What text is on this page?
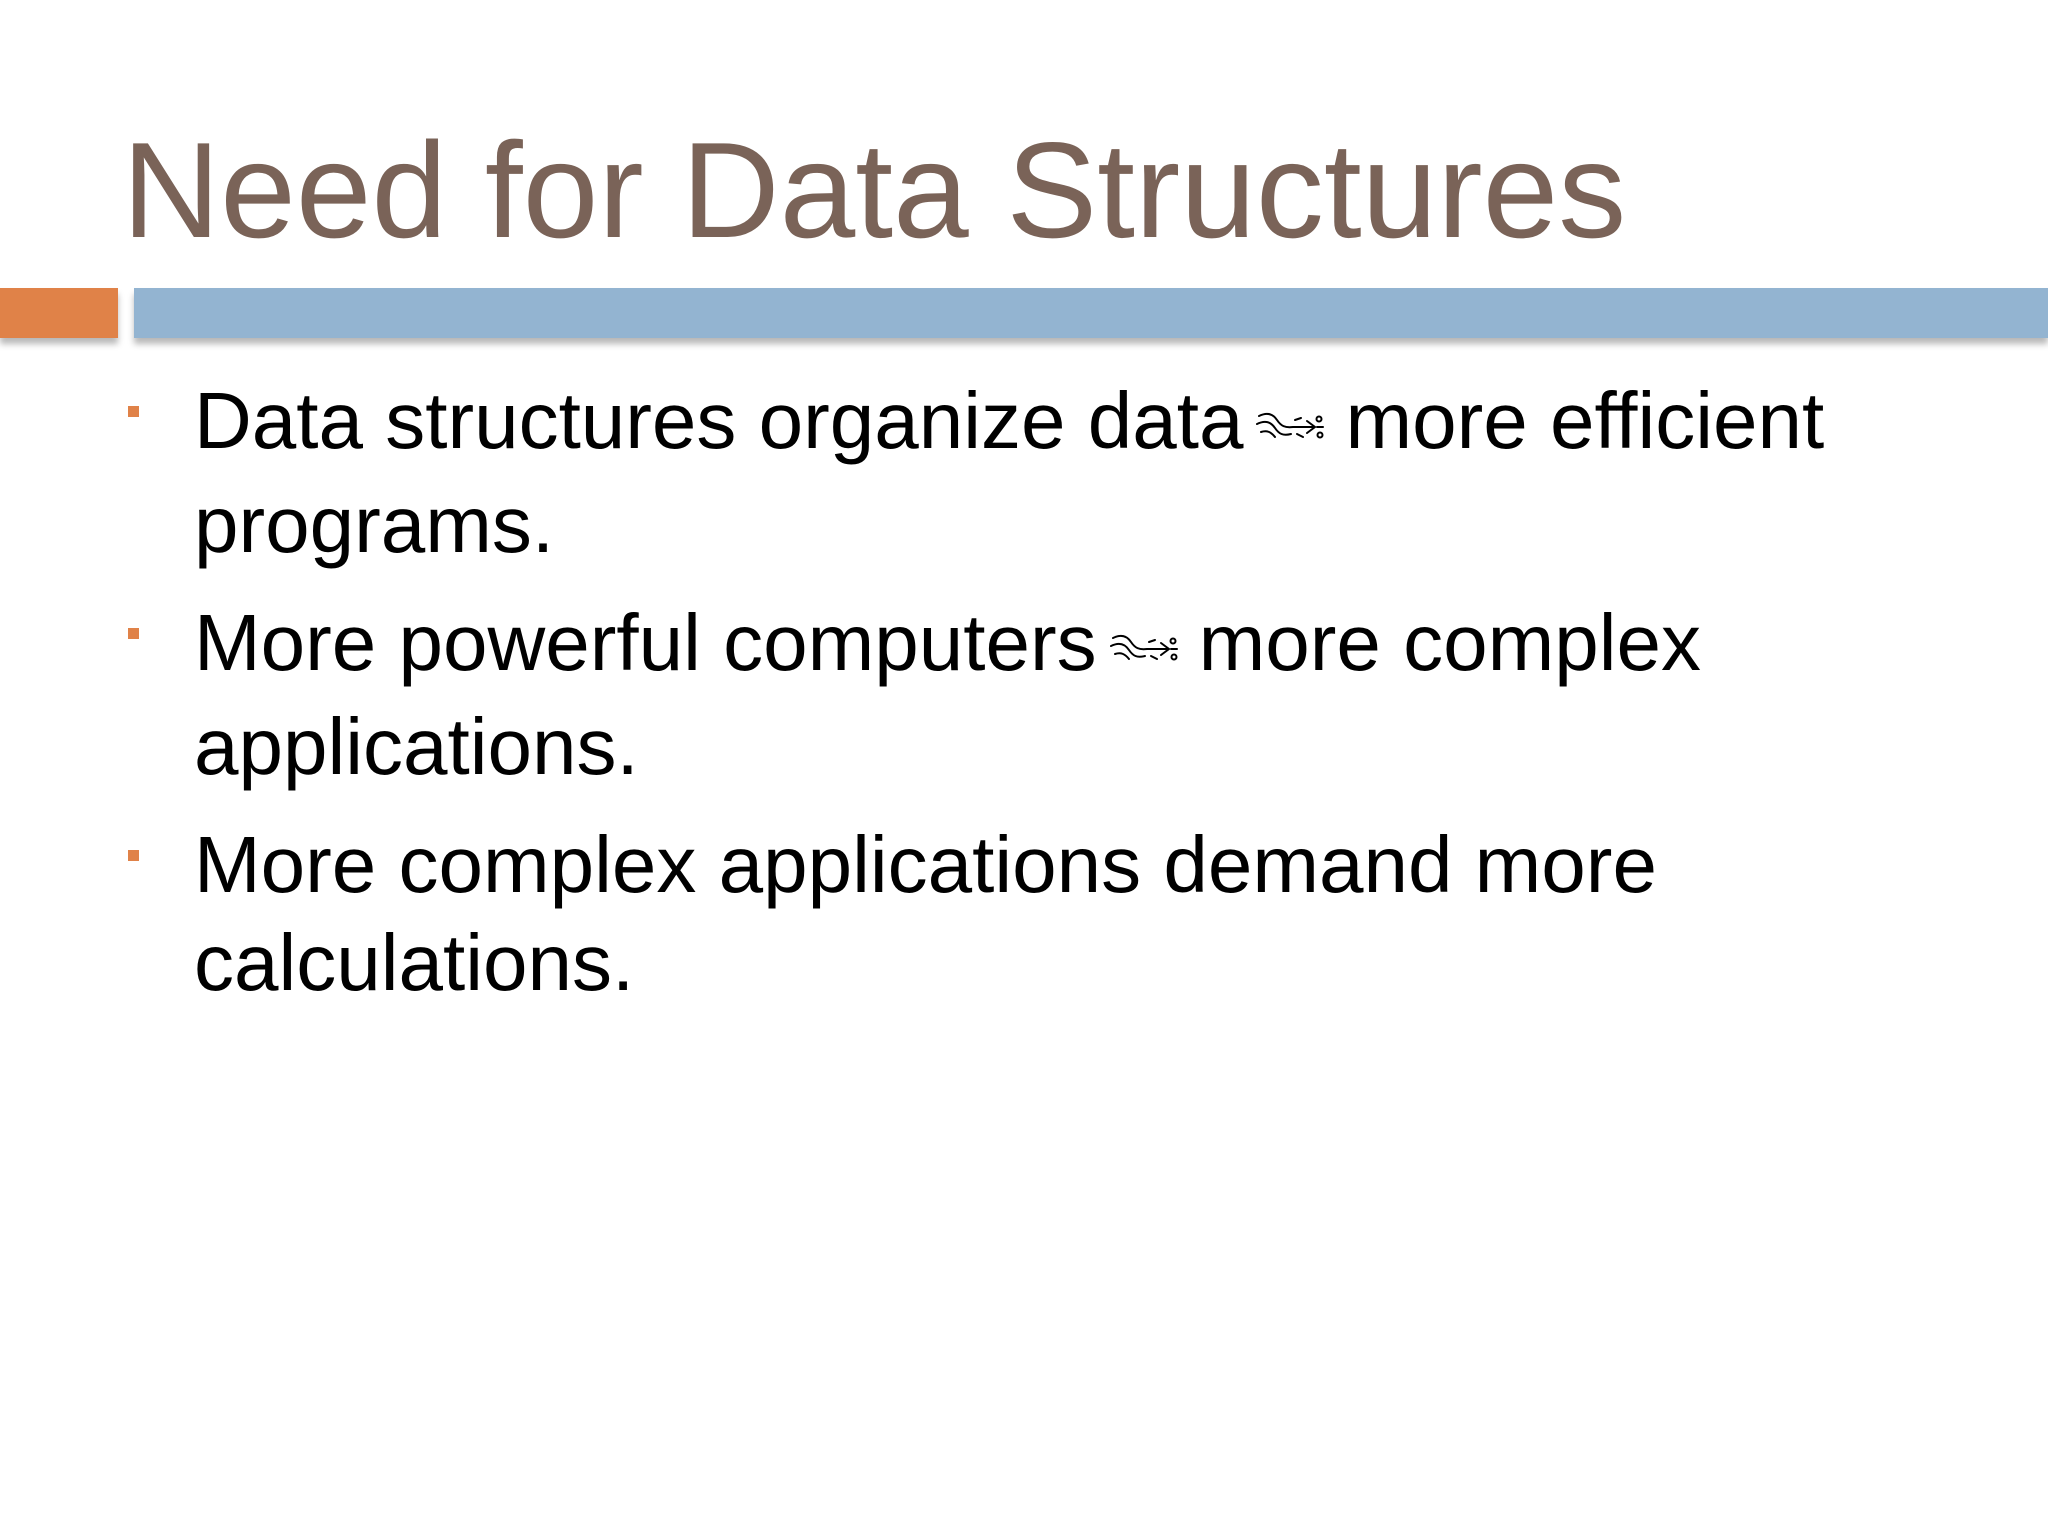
Need for Data Structures
Data structures organize data more efficient programs.
More powerful computers more complex applications.
More complex applications demand more calculations.
